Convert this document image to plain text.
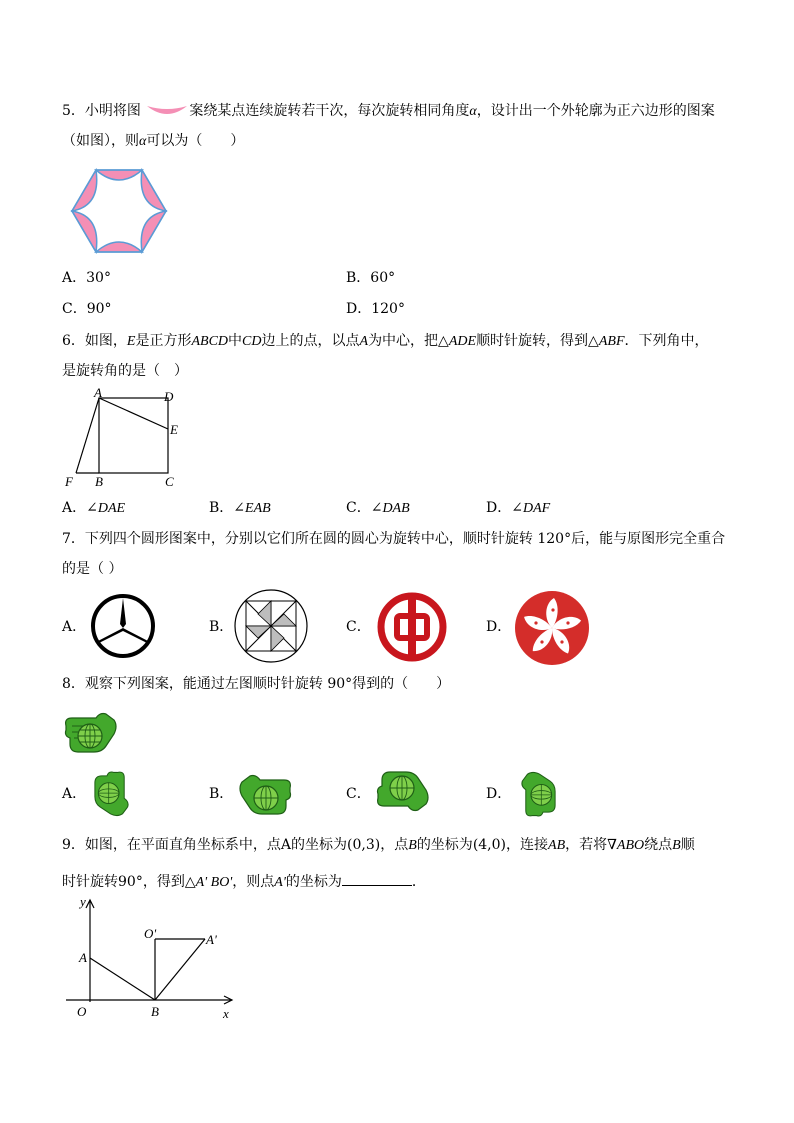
5．小明将图	案绕某点连续旋转若干次，每次旋转相同角度α，设计出一个外轮廓为正六边形的图案
（如图），则α可以为（　　）
A．30°	B．60°
C．90°	D．120°
6．如图，E是正方形ABCD中CD边上的点，以点A为中心，把△ADE顺时针旋转，得到△ABF．下列角中，
是旋转角的是（　）
A	D
E
F B	C
A．∠DAE	B．∠EAB	C．∠DAB	D．∠DAF
7．下列四个圆形图案中，分别以它们所在圆的圆心为旋转中心，顺时针旋转 120°后，能与原图形完全重合
的是（ ）
A．	B．	C．	D．
8．观察下列图案，能通过左图顺时针旋转 90°得到的（　　）
A．	B．	C．	D．
9．如图，在平面直角坐标系中，点A的坐标为(0,3)，点B的坐标为(4,0)，连接AB，若将∇ABO绕点B顺
时针旋转90°，得到△A' BO'，则点A'的坐标为	．
y
x
O
A
B
O'	A'
